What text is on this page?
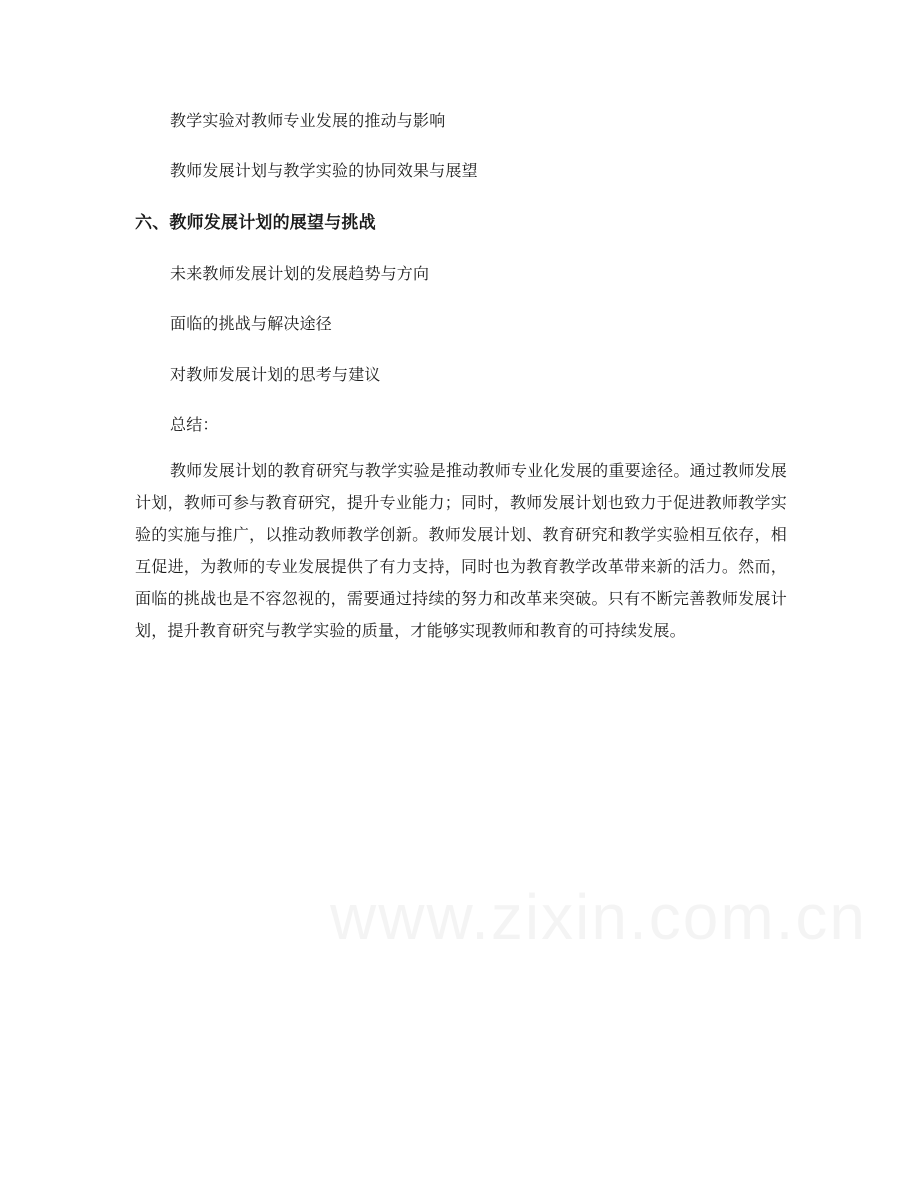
教学实验对教师专业发展的推动与影响
教师发展计划与教学实验的协同效果与展望
六、教师发展计划的展望与挑战
未来教师发展计划的发展趋势与方向
面临的挑战与解决途径
对教师发展计划的思考与建议
总结：
教师发展计划的教育研究与教学实验是推动教师专业化发展的重要途径。通过教师发展计划，教师可参与教育研究，提升专业能力；同时，教师发展计划也致力于促进教师教学实验的实施与推广，以推动教师教学创新。教师发展计划、教育研究和教学实验相互依存，相互促进，为教师的专业发展提供了有力支持，同时也为教育教学改革带来新的活力。然而，面临的挑战也是不容忽视的，需要通过持续的努力和改革来突破。只有不断完善教师发展计划，提升教育研究与教学实验的质量，才能够实现教师和教育的可持续发展。
